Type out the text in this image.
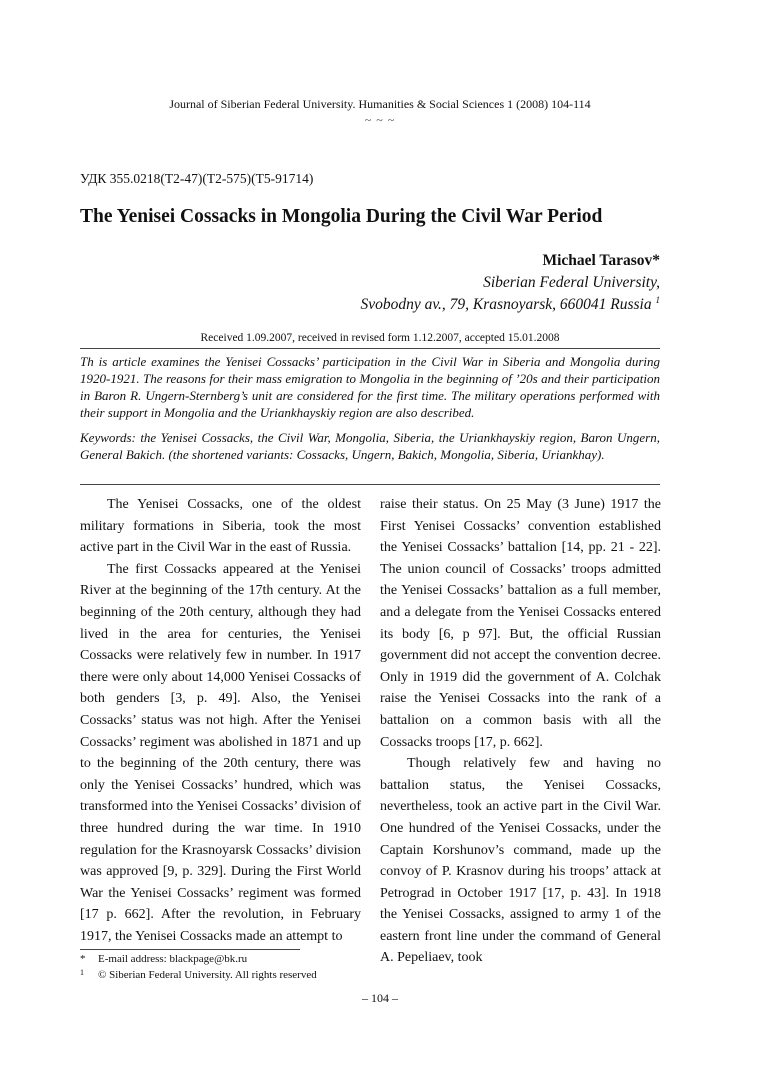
Journal of Siberian Federal University. Humanities & Social Sciences 1 (2008) 104-114
~ ~ ~
УДК 355.0218(Т2-47)(Т2-575)(Т5-91714)
The Yenisei Cossacks in Mongolia During the Civil War Period
Michael Tarasov*
Siberian Federal University,
Svobodny av., 79, Krasnoyarsk, 660041 Russia $^1$
Received 1.09.2007, received in revised form 1.12.2007, accepted 15.01.2008

Th is article examines the Yenisei Cossacks’ participation in the Civil War in Siberia and Mongolia during 1920-1921. The reasons for their mass emigration to Mongolia in the beginning of ’20s and their participation in Baron R. Ungern-Sternberg’s unit are considered for the first time. The military operations performed with their support in Mongolia and the Uriankhayskiy region are also described.

Keywords: the Yenisei Cossacks, the Civil War, Mongolia, Siberia, the Uriankhayskiy region, Baron Ungern, General Bakich. (the shortened variants: Cossacks, Ungern, Bakich, Mongolia, Siberia, Uriankhay).

The Yenisei Cossacks, one of the oldest military formations in Siberia, took the most active part in the Civil War in the east of Russia.

The first Cossacks appeared at the Yenisei River at the beginning of the 17th century. At the beginning of the 20th century, although they had lived in the area for centuries, the Yenisei Cossacks were relatively few in number. In 1917 there were only about 14,000 Yenisei Cossacks of both genders [3, p. 49]. Also, the Yenisei Cossacks’ status was not high. After the Yenisei Cossacks’ regiment was abolished in 1871 and up to the beginning of the 20th century, there was only the Yenisei Cossacks’ hundred, which was transformed into the Yenisei Cossacks’ division of three hundred during the war time. In 1910 regulation for the Krasnoyarsk Cossacks’ division was approved [9, p. 329]. During the First World War the Yenisei Cossacks’ regiment was formed [17 p. 662]. After the revolution, in February 1917, the Yenisei Cossacks made an attempt to

raise their status. On 25 May (3 June) 1917 the First Yenisei Cossacks’ convention established the Yenisei Cossacks’ battalion [14, pp. 21 - 22]. The union council of Cossacks’ troops admitted the Yenisei Cossacks’ battalion as a full member, and a delegate from the Yenisei Cossacks entered its body [6, p 97]. But, the official Russian government did not accept the convention decree. Only in 1919 did the government of A. Colchak raise the Yenisei Cossacks into the rank of a battalion on a common basis with all the Cossacks troops [17, p. 662].

Though relatively few and having no battalion status, the Yenisei Cossacks, nevertheless, took an active part in the Civil War. One hundred of the Yenisei Cossacks, under the Captain Korshunov’s command, made up the convoy of P. Krasnov during his troops’ attack at Petrograd in October 1917 [17, p. 43]. In 1918 the Yenisei Cossacks, assigned to army 1 of the eastern front line under the command of General A. Pepeliaev, took

* E-mail address: blackpage@bk.ru
1 © Siberian Federal University. All rights reserved
– 104 –
